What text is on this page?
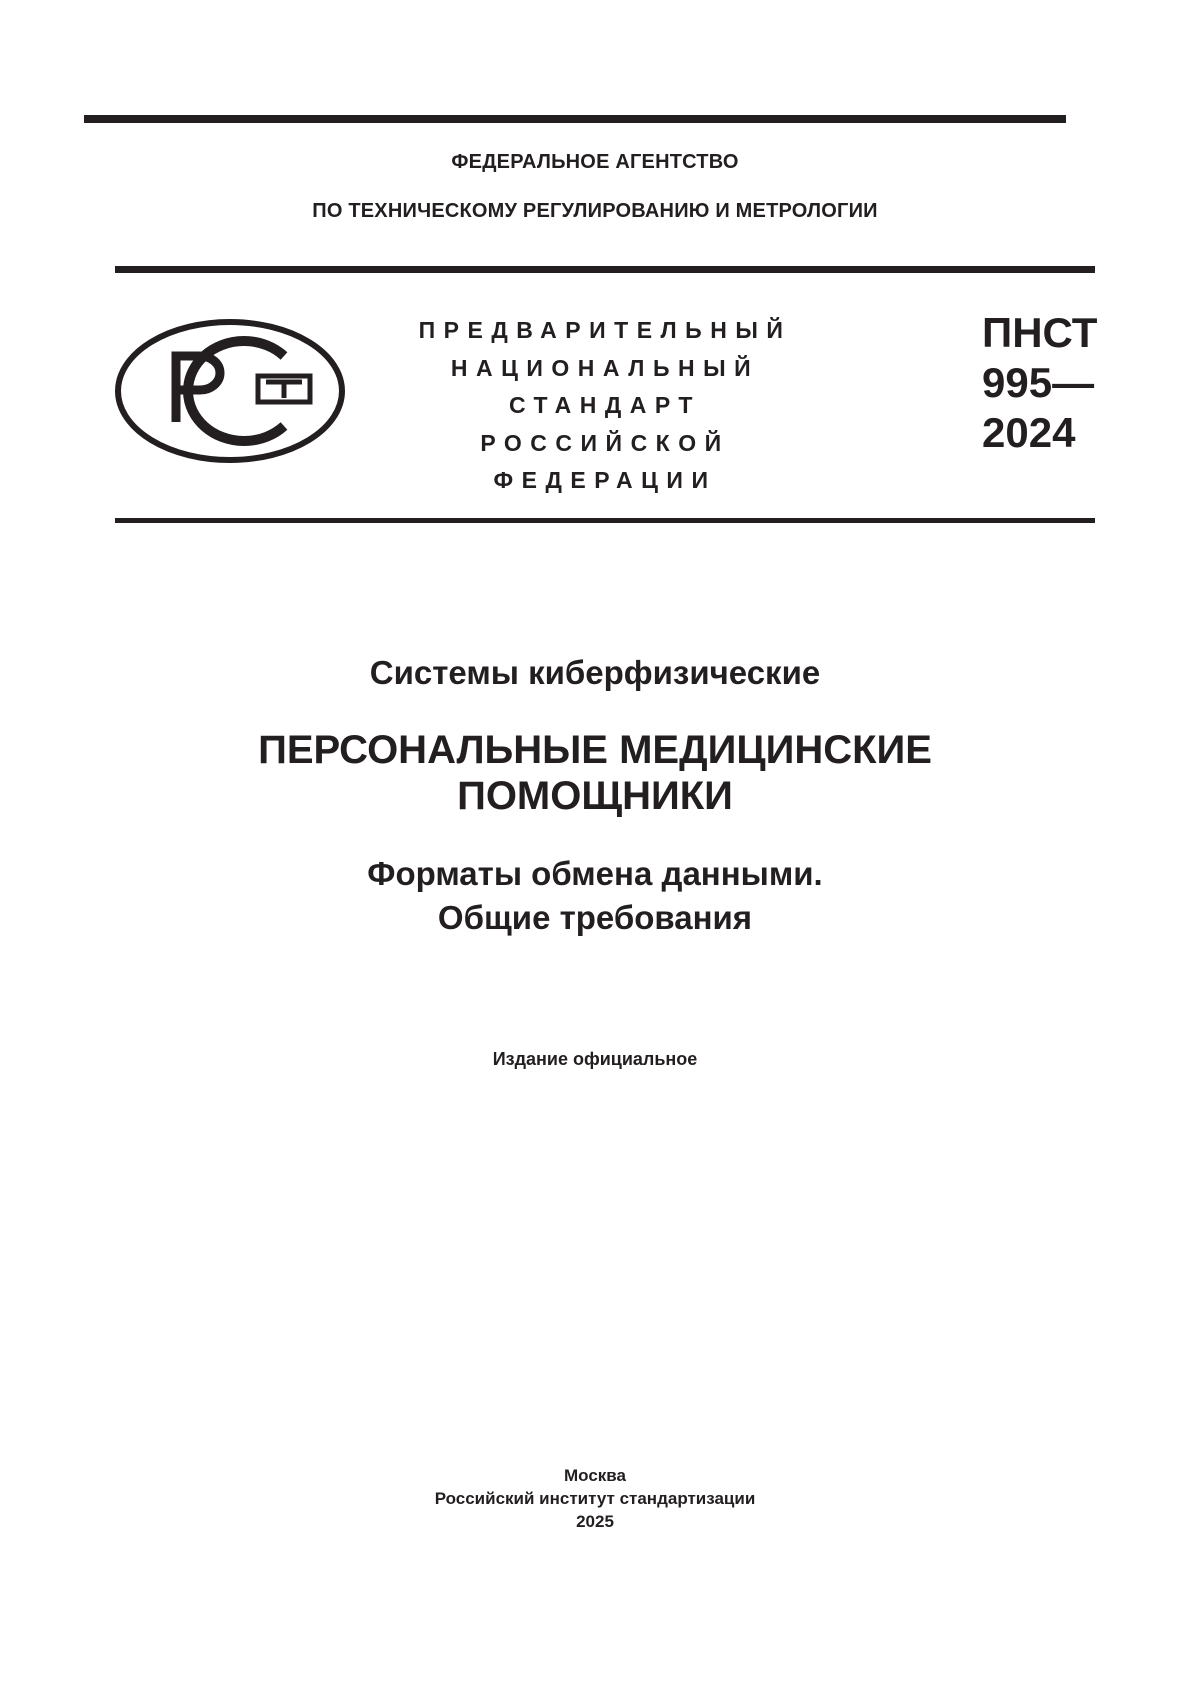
ФЕДЕРАЛЬНОЕ АГЕНТСТВО
ПО ТЕХНИЧЕСКОМУ РЕГУЛИРОВАНИЮ И МЕТРОЛОГИИ
ПРЕДВАРИТЕЛЬНЫЙ
НАЦИОНАЛЬНЫЙ
СТАНДАРТ
РОССИЙСКОЙ
ФЕДЕРАЦИИ
ПНСТ
995—
2024
Системы киберфизические
ПЕРСОНАЛЬНЫЕ МЕДИЦИНСКИЕ
ПОМОЩНИКИ
Форматы обмена данными.
Общие требования
Издание официальное
Москва
Российский институт стандартизации
2025
